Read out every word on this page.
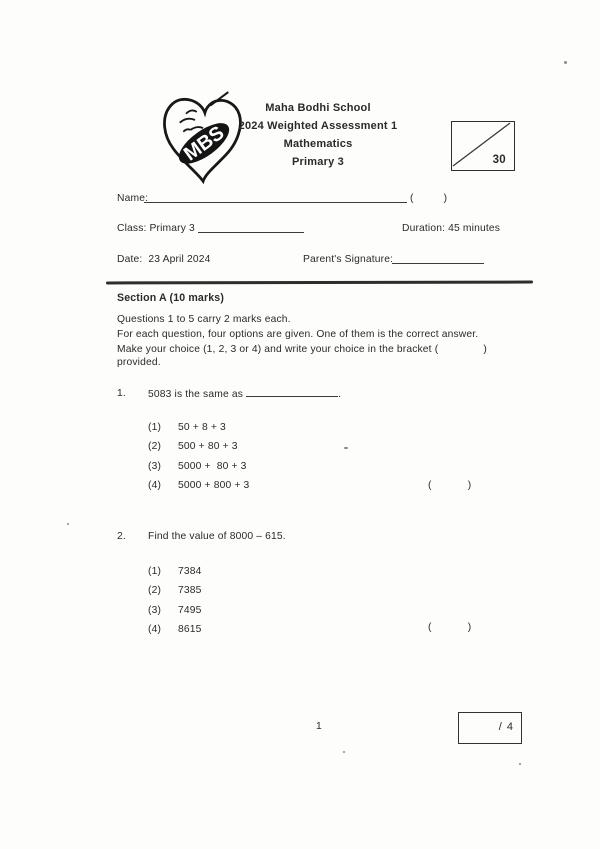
MBS
Maha Bodhi School
2024 Weighted Assessment 1
Mathematics
Primary 3	30
Name:	(          )
Class: Primary 3	Duration: 45 minutes
Date:  23 April 2024	Parent's Signature:
Section A (10 marks)
Questions 1 to 5 carry 2 marks each.
For each question, four options are given. One of them is the correct answer.
Make your choice (1, 2, 3 or 4) and write your choice in the bracket (               ) provided.
1. 5083 is the same as	.
(1)	50 + 8 + 3
(2)	500 + 80 + 3
(3)	5000 +  80 + 3
(4)	5000 + 800 + 3	(            )
2. Find the value of 8000 – 615.
(1)	7384
(2)	7385
(3)	7495
(4)	8615	(            )
1	/ 4
